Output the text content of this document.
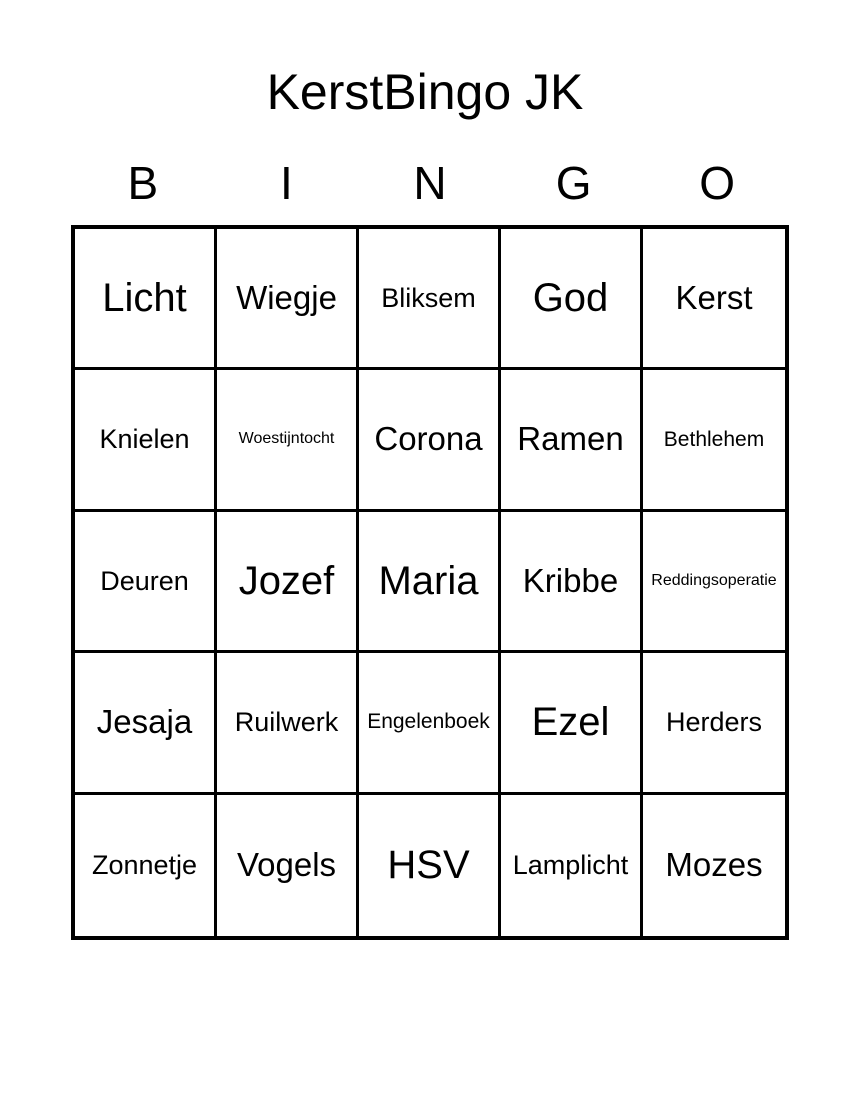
KerstBingo JK
B	I	N	G	O
Licht	Wiegje	Bliksem	God	Kerst
Knielen	Woestijntocht	Corona	Ramen	Bethlehem
Deuren	Jozef	Maria	Kribbe	Reddingsoperatie
Jesaja	Ruilwerk	Engelenboek	Ezel	Herders
Zonnetje	Vogels	HSV	Lamplicht	Mozes
